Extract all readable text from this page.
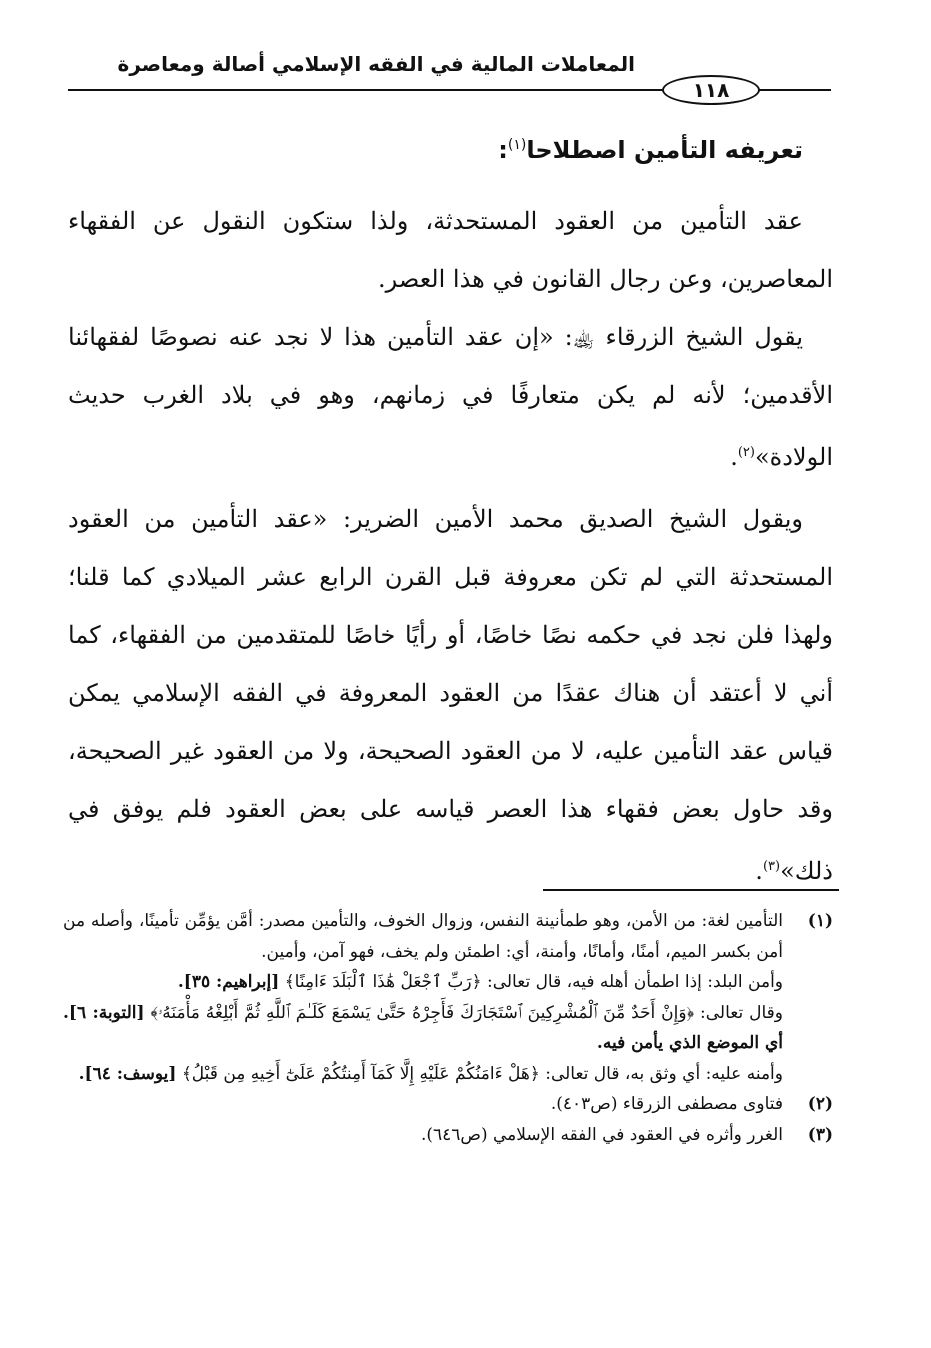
المعاملات المالية في الفقه الإسلامي أصالة ومعاصرة
١١٨
تعريفه التأمين اصطلاحا$^{(١)}$:

عقد التأمين من العقود المستحدثة، ولذا ستكون النقول عن الفقهاء المعاصرين، وعن رجال القانون في هذا العصر.

يقول الشيخ الزرقاء ﵀: «إن عقد التأمين هذا لا نجد عنه نصوصًا لفقهائنا الأقدمين؛ لأنه لم يكن متعارفًا في زمانهم، وهو في بلاد الغرب حديث الولادة»$^{(٢)}$.

ويقول الشيخ الصديق محمد الأمين الضرير: «عقد التأمين من العقود المستحدثة التي لم تكن معروفة قبل القرن الرابع عشر الميلادي كما قلنا؛ ولهذا فلن نجد في حكمه نصًا خاصًا، أو رأيًا خاصًا للمتقدمين من الفقهاء، كما أني لا أعتقد أن هناك عقدًا من العقود المعروفة في الفقه الإسلامي يمكن قياس عقد التأمين عليه، لا من العقود الصحيحة، ولا من العقود غير الصحيحة، وقد حاول بعض فقهاء هذا العصر قياسه على بعض العقود فلم يوفق في ذلك»$^{(٣)}$.

(١)

التأمين لغة: من الأمن، وهو طمأنينة النفس، وزوال الخوف، والتأمين مصدر: أمَّن يؤمِّن تأمينًا، وأصله من أمن بكسر الميم، أمنًا، وأمانًا، وأمنة، أي: اطمئن ولم يخف، فهو آمن، وأمين.

وأمن البلد: إذا اطمأن أهله فيه، قال تعالى: ﴿رَبِّ ٱجْعَلْ هَٰذَا ٱلْبَلَدَ ءَامِنًا﴾ [إبراهيم: ٣٥].

وقال تعالى: ﴿وَإِنْ أَحَدٌ مِّنَ ٱلْمُشْرِكِينَ ٱسْتَجَارَكَ فَأَجِرْهُ حَتَّىٰ يَسْمَعَ كَلَـٰمَ ٱللَّهِ ثُمَّ أَبْلِغْهُ مَأْمَنَهُۥ﴾ [التوبة: ٦]. أي الموضع الذي يأمن فيه.

وأمنه عليه: أي وثق به، قال تعالى: ﴿هَلْ ءَامَنُكُمْ عَلَيْهِ إِلَّا كَمَآ أَمِنتُكُمْ عَلَىٰٓ أَخِيهِ مِن قَبْلُ﴾ [يوسف: ٦٤].

(٢)

فتاوى مصطفى الزرقاء (ص٤٠٣).

(٣)

الغرر وأثره في العقود في الفقه الإسلامي (ص٦٤٦).
